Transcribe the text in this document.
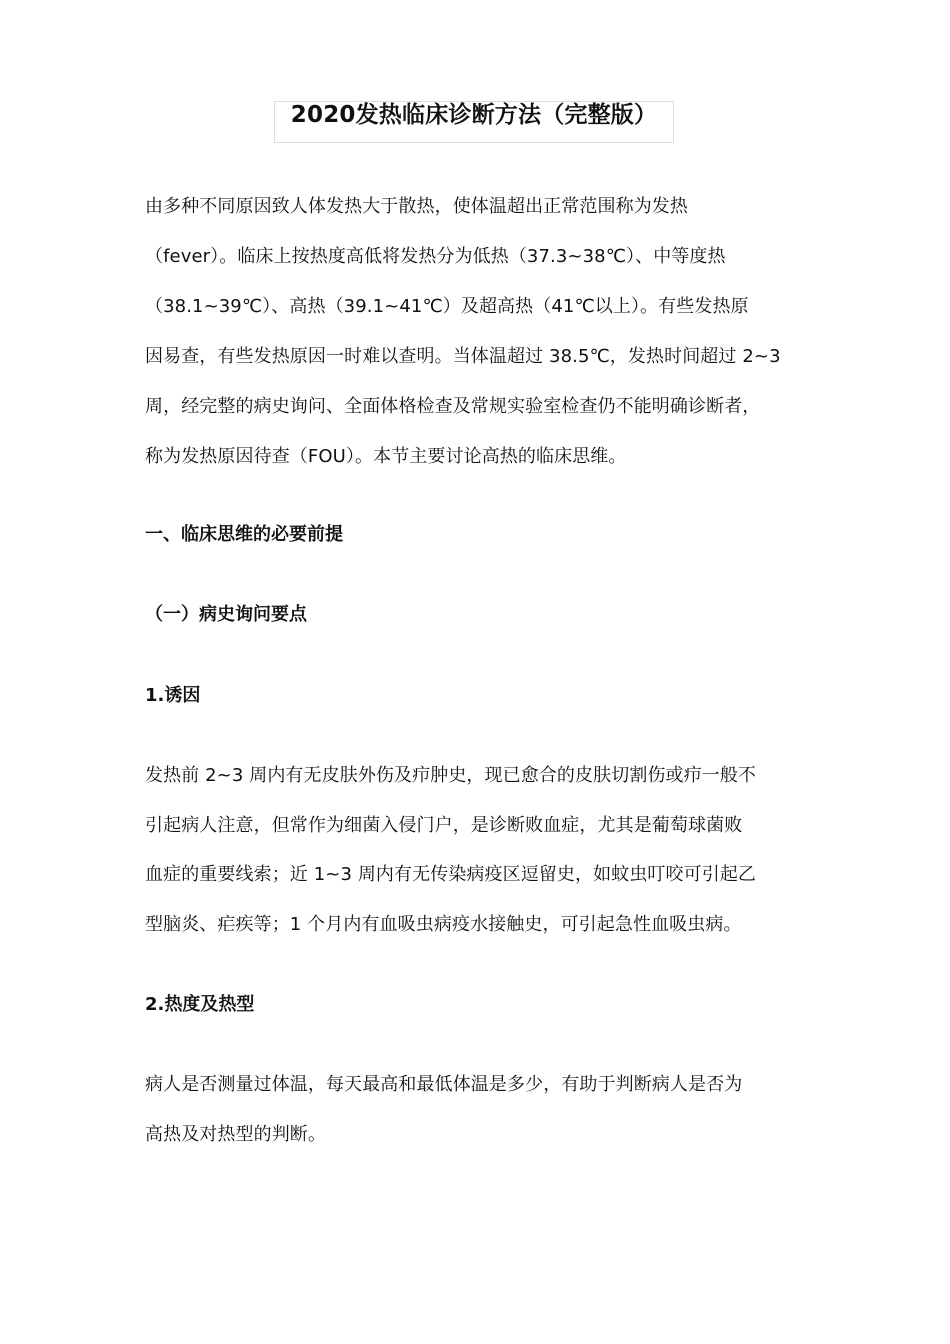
2020发热临床诊断方法（完整版）
由多种不同原因致人体发热大于散热，使体温超出正常范围称为发热
（fever）。临床上按热度高低将发热分为低热（37.3~38℃）、中等度热
（38.1~39℃）、高热（39.1~41℃）及超高热（41℃以上）。有些发热原
因易查，有些发热原因一时难以查明。当体温超过 38.5℃，发热时间超过 2~3
周，经完整的病史询问、全面体格检查及常规实验室检查仍不能明确诊断者，
称为发热原因待查（FOU）。本节主要讨论高热的临床思维。
一、临床思维的必要前提
（一）病史询问要点
1.诱因
发热前 2~3 周内有无皮肤外伤及疖肿史，现已愈合的皮肤切割伤或疖一般不
引起病人注意，但常作为细菌入侵门户，是诊断败血症，尤其是葡萄球菌败
血症的重要线索；近 1~3 周内有无传染病疫区逗留史，如蚊虫叮咬可引起乙
型脑炎、疟疾等；1 个月内有血吸虫病疫水接触史，可引起急性血吸虫病。
2.热度及热型
病人是否测量过体温，每天最高和最低体温是多少，有助于判断病人是否为
高热及对热型的判断。
